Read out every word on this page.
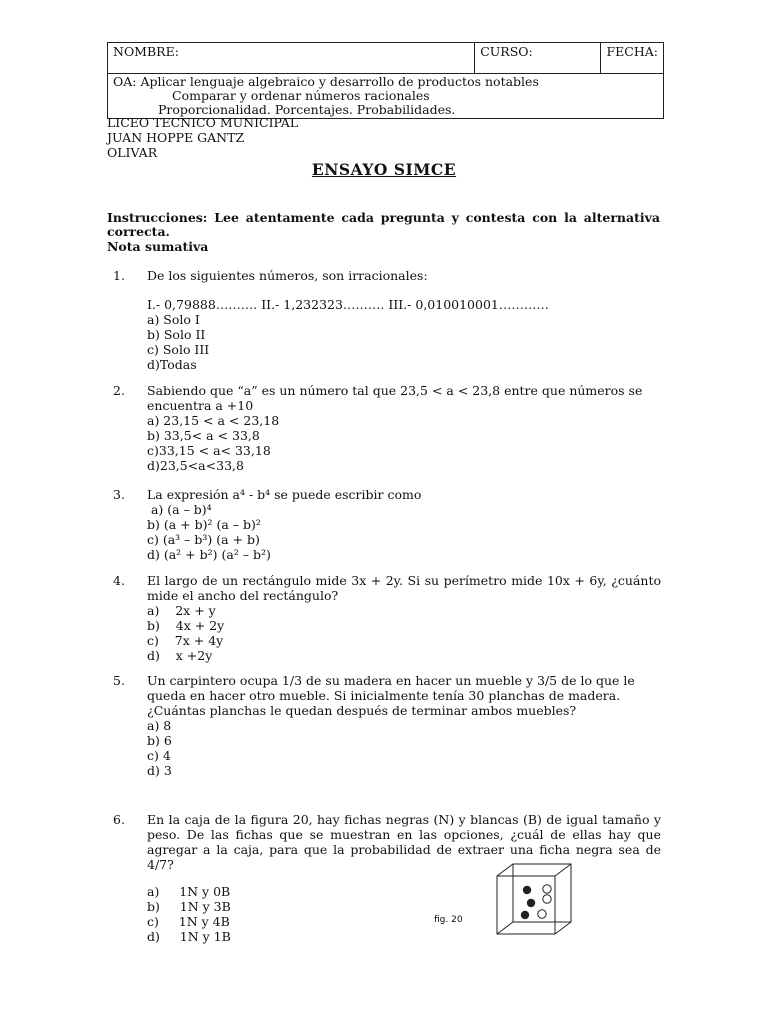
NOMBRE:	CURSO:	FECHA:
OA: Aplicar lenguaje algebraico y desarrollo de productos notables
Comparar y ordenar números racionales
Proporcionalidad. Porcentajes. Probabilidades.
LICEO TECNICO MUNICIPAL
JUAN HOPPE GANTZ
OLIVAR
ENSAYO SIMCE
Instrucciones: Lee atentamente cada pregunta y contesta con la alternativa correcta.
Nota sumativa
1. De los siguientes números, son irracionales:
I.- 0,79888………. II.- 1,232323………. III.- 0,010010001…………
a) Solo I
b) Solo II
c) Solo III
d)Todas
2. Sabiendo que “a” es un número tal que 23,5 < a < 23,8 entre que números se encuentra a +10
a) 23,15 < a < 23,18
b) 33,5< a < 33,8
c)33,15 < a< 33,18
d)23,5<a<33,8
3. La expresión a⁴ - b⁴ se puede escribir como
a) (a – b)⁴
b) (a + b)² (a – b)²
c) (a³ – b³) (a + b)
d) (a² + b²) (a² – b²)
4. El largo de un rectángulo mide 3x + 2y. Si su perímetro mide 10x + 6y, ¿cuánto mide el ancho del rectángulo?
a)    2x + y
b)    4x + 2y
c)    7x + 4y
d)    x +2y
5. Un carpintero ocupa 1/3 de su madera en hacer un mueble y 3/5 de lo que le queda en hacer otro mueble. Si inicialmente tenía 30 planchas de madera. ¿Cuántas planchas le quedan después de terminar ambos muebles?
a) 8
b) 6
c) 4
d) 3
6. En la caja de la figura 20, hay fichas negras (N) y blancas (B) de igual tamaño y peso. De las fichas que se muestran en las opciones, ¿cuál de ellas hay que agregar a la caja, para que la probabilidad de extraer una ficha negra sea de 4/7?
a)     1N y 0B
b)     1N y 3B
c)     1N y 4B
d)     1N y 1B
fig. 20
